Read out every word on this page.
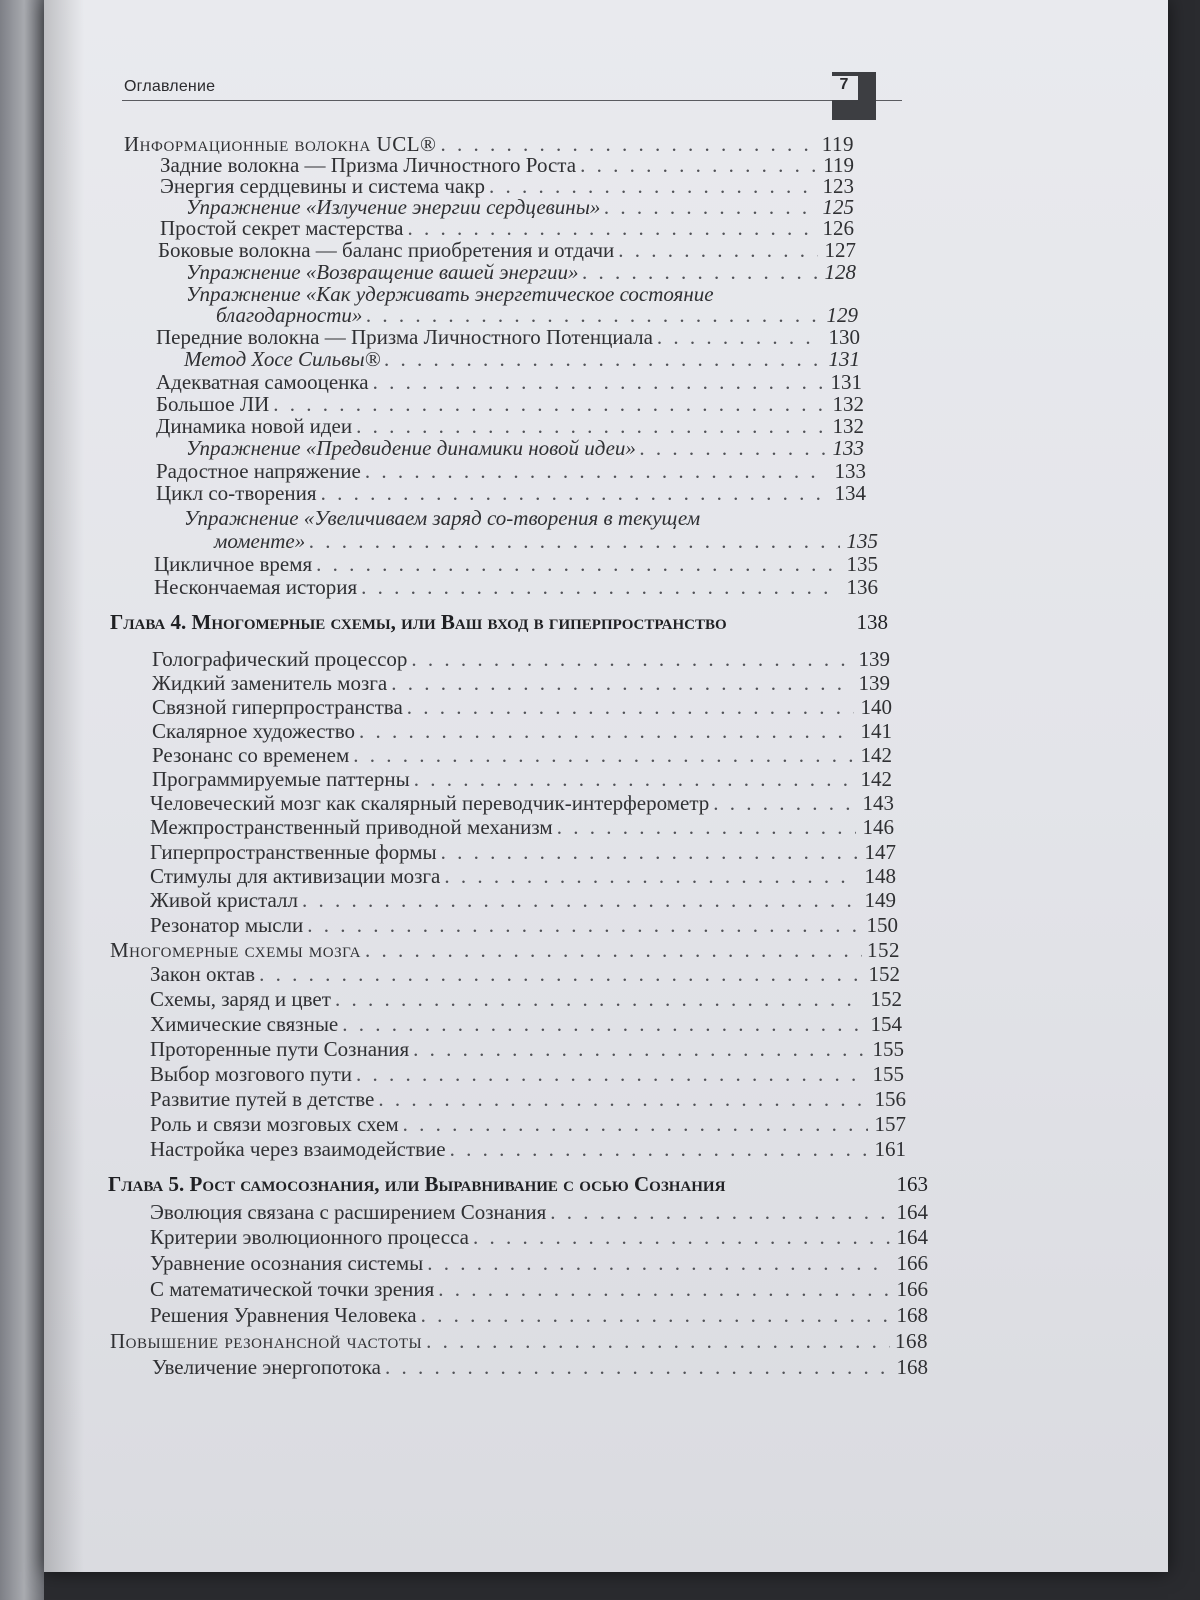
Оглавление	7
Информационные волокна UCL® . . .	119
Задние волокна — Призма Личностного Роста . . .	119
Энергия сердцевины и система чакр . . .	123
Упражнение «Излучение энергии сердцевины» . . .	125
Простой секрет мастерства . . .	126
Боковые волокна — баланс приобретения и отдачи . . .	127
Упражнение «Возвращение вашей энергии» . . .	128
Упражнение «Как удерживать энергетическое состояние
благодарности» . . .	129
Передние волокна — Призма Личностного Потенциала . . .	130
Метод Хосе Сильвы® . . .	131
Адекватная самооценка . . .	131
Большое ЛИ . . .	132
Динамика новой идеи . . .	132
Упражнение «Предвидение динамики новой идеи» . . .	133
Радостное напряжение . . .	133
Цикл со-творения . . .	134
Упражнение «Увеличиваем заряд со-творения в текущем
моменте» . . .	135
Цикличное время . . .	135
Нескончаемая история . . .	136
Глава 4. Многомерные схемы, или Ваш вход в гиперпространство	138
Голографический процессор . . .	139
Жидкий заменитель мозга . . .	139
Связной гиперпространства . . .	140
Скалярное художество . . .	141
Резонанс со временем . . .	142
Программируемые паттерны . . .	142
Человеческий мозг как скалярный переводчик-интерферометр . . .	143
Межпространственный приводной механизм . . .	146
Гиперпространственные формы . . .	147
Стимулы для активизации мозга . . .	148
Живой кристалл . . .	149
Резонатор мысли . . .	150
Многомерные схемы мозга . . .	152
Закон октав . . .	152
Схемы, заряд и цвет . . .	152
Химические связные . . .	154
Проторенные пути Сознания . . .	155
Выбор мозгового пути . . .	155
Развитие путей в детстве . . .	156
Роль и связи мозговых схем . . .	157
Настройка через взаимодействие . . .	161
Глава 5. Рост самосознания, или Выравнивание с осью Сознания	163
Эволюция связана с расширением Сознания . . .	164
Критерии эволюционного процесса . . .	164
Уравнение осознания системы . . .	166
С математической точки зрения . . .	166
Решения Уравнения Человека . . .	168
Повышение резонансной частоты . . .	168
Увеличение энергопотока . . .	168
